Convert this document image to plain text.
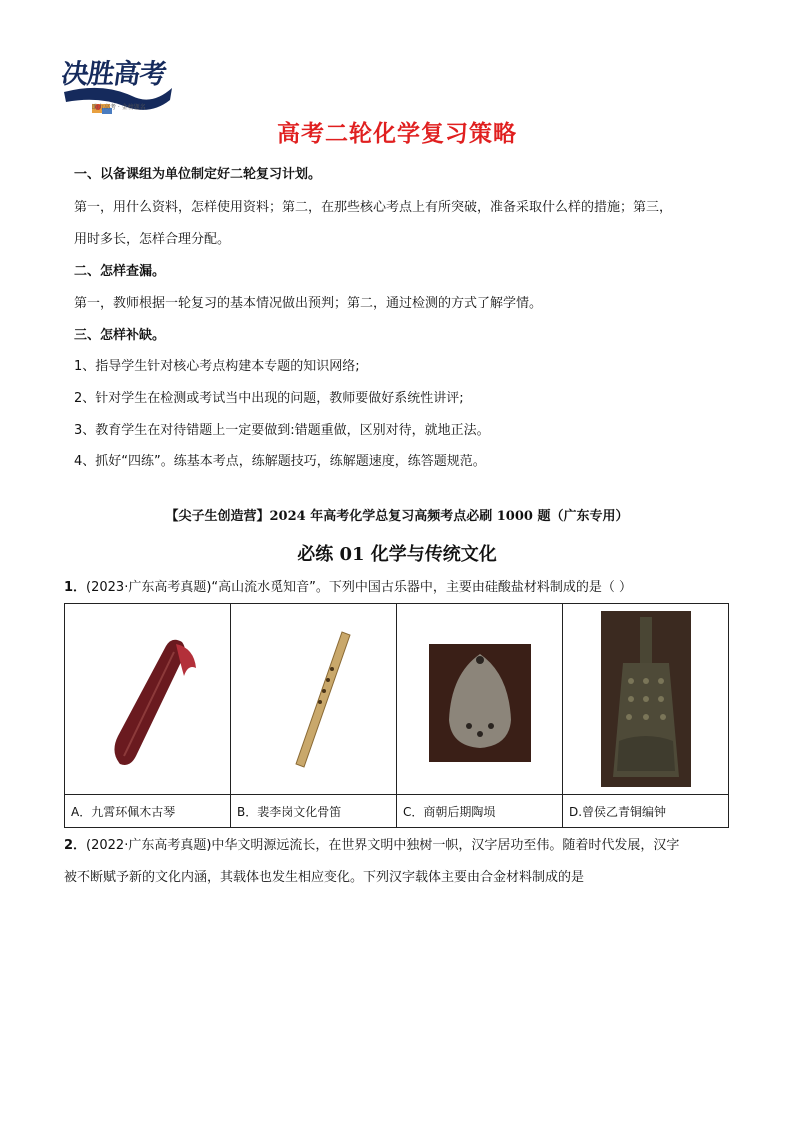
决胜高考
助力高考 · 金榜题名
高考二轮化学复习策略
一、以备课组为单位制定好二轮复习计划。
第一，用什么资料，怎样使用资料；第二，在那些核心考点上有所突破，准备采取什么样的措施；第三，
用时多长，怎样合理分配。
二、怎样查漏。
第一，教师根据一轮复习的基本情况做出预判；第二，通过检测的方式了解学情。
三、怎样补缺。
1、指导学生针对核心考点构建本专题的知识网络;
2、针对学生在检测或考试当中出现的问题，教师要做好系统性讲评;
3、教育学生在对待错题上一定要做到:错题重做，区别对待，就地正法。
4、抓好“四练”。练基本考点，练解题技巧，练解题速度，练答题规范。
【尖子生创造营】2024 年高考化学总复习高频考点必刷 1000 题（广东专用）
必练 01 化学与传统文化
1．(2023·广东高考真题)“高山流水觅知音”。下列中国古乐器中，主要由硅酸盐材料制成的是（ ）

A．九霄环佩木古琴	B．裴李岗文化骨笛	C．商朝后期陶埙	D.曾侯乙青铜编钟
2．(2022·广东高考真题)中华文明源远流长，在世界文明中独树一帜，汉字居功至伟。随着时代发展，汉字
被不断赋予新的文化内涵，其载体也发生相应变化。下列汉字载体主要由合金材料制成的是
